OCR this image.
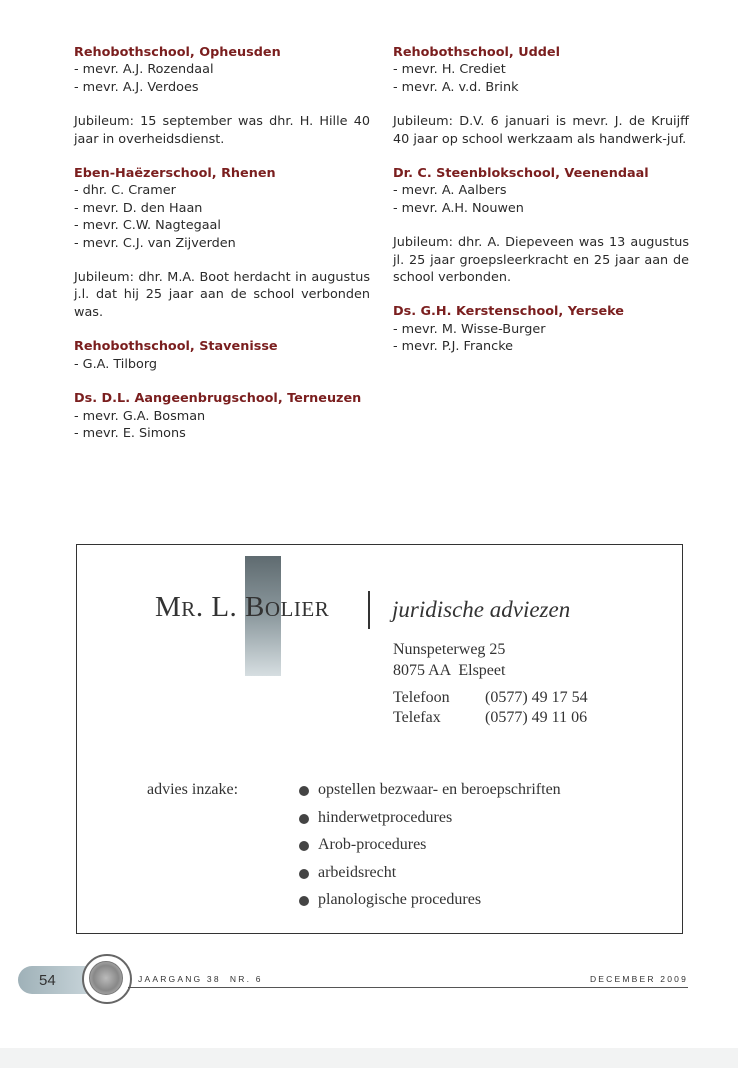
Rehobothschool, Opheusden
- mevr. A.J. Rozendaal
- mevr. A.J. Verdoes
Jubileum: 15 september was dhr. H. Hille 40 jaar in overheidsdienst.
Eben-Haëzerschool, Rhenen
- dhr. C. Cramer
- mevr. D. den Haan
- mevr. C.W. Nagtegaal
- mevr. C.J. van Zijverden
Jubileum: dhr. M.A. Boot herdacht in augustus j.l. dat hij 25 jaar aan de school verbonden was.
Rehobothschool, Stavenisse
- G.A. Tilborg
Ds. D.L. Aangeenbrugschool, Terneuzen
- mevr. G.A. Bosman
- mevr. E. Simons
Rehobothschool, Uddel
- mevr. H. Crediet
- mevr. A. v.d. Brink
Jubileum: D.V. 6 januari is mevr. J. de Kruijff 40 jaar op school werkzaam als handwerk-juf.
Dr. C. Steenblokschool, Veenendaal
- mevr. A. Aalbers
- mevr. A.H. Nouwen
Jubileum: dhr. A. Diepeveen was 13 augustus jl. 25 jaar groepsleerkracht en 25 jaar aan de school verbonden.
Ds. G.H. Kerstenschool, Yerseke
- mevr. M. Wisse-Burger
- mevr. P.J. Francke
MR. L. BOLIER	juridische adviezen
Nunspeterweg 25
8075 AA  Elspeet
Telefoon	(0577) 49 17 54
Telefax	(0577) 49 11 06
advies inzake:	opstellen bezwaar- en beroepschriften
hinderwetprocedures
Arob-procedures
arbeidsrecht
planologische procedures
54	JAARGANG 38  NR. 6	DECEMBER 2009
